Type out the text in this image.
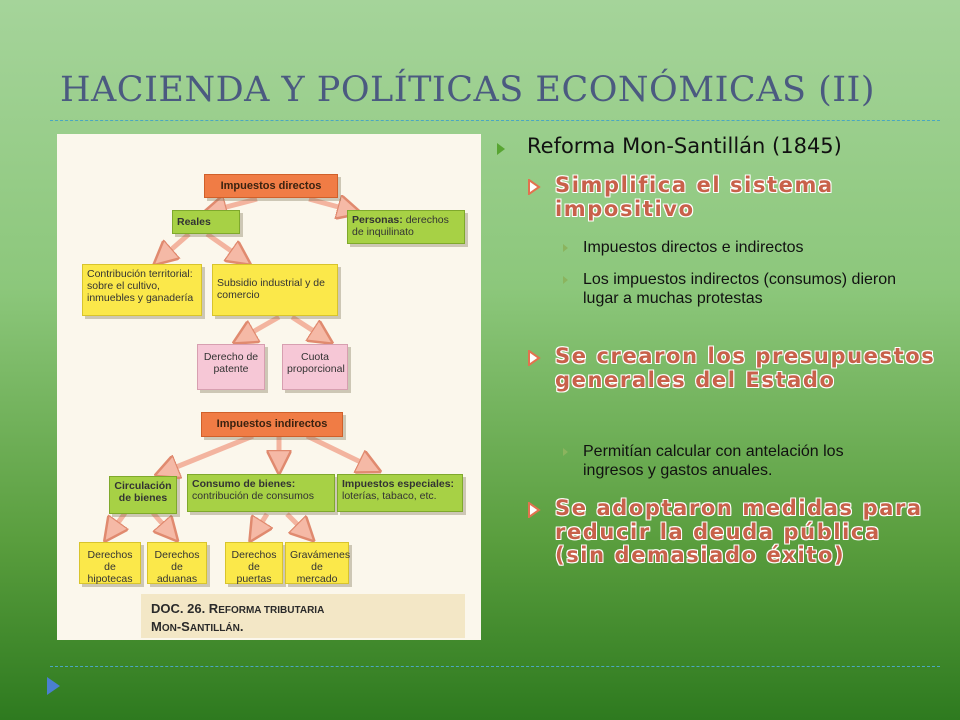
HACIENDA Y POLÍTICAS ECONÓMICAS (II)
Impuestos directos
Reales	Personas: derechos de inquilinato
Contribución territorial: sobre el cultivo, inmuebles y ganadería
Subsidio industrial y de comercio
Derecho de patente
Cuota proporcional
Impuestos indirectos
Circulación de bienes
Consumo de bienes:
contribución de consumos
Impuestos especiales:
loterías, tabaco, etc.
Derechos de hipotecas
Derechos de aduanas
Derechos de puertas
Gravámenes de mercado
DOC. 26. REFORMA TRIBUTARIA
MON-SANTILLÁN.
Reforma Mon-Santillán (1845)
Simplifica el sistema impositivo
Impuestos directos e indirectos
Los impuestos indirectos (consumos) dieron lugar a muchas protestas
Se crearon los presupuestos generales del Estado
Permitían calcular con antelación los ingresos y gastos anuales.
Se adoptaron medidas para reducir la deuda pública (sin demasiado éxito)
